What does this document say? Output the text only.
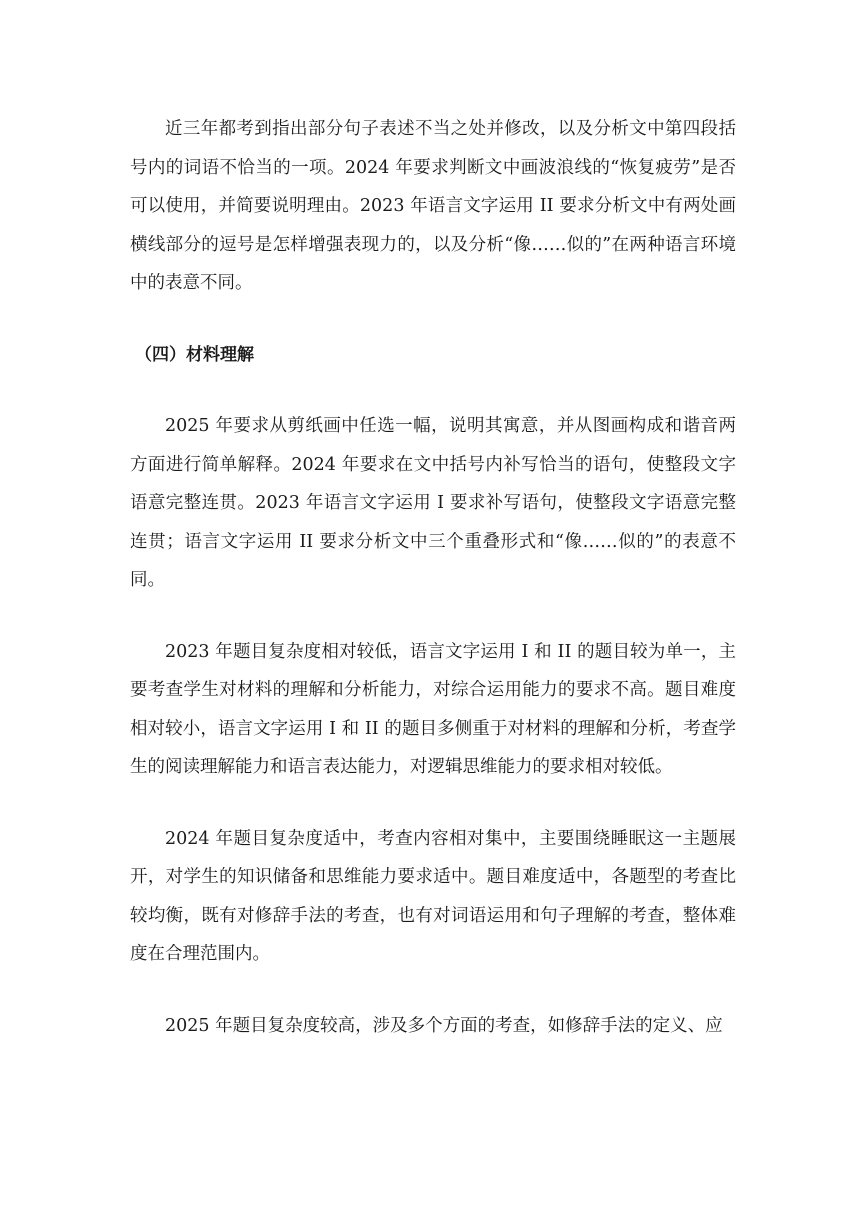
近三年都考到指出部分句子表述不当之处并修改，以及分析文中第四段括号内的词语不恰当的一项。2024 年要求判断文中画波浪线的“恢复疲劳”是否可以使用，并简要说明理由。2023 年语言文字运用 II 要求分析文中有两处画横线部分的逗号是怎样增强表现力的，以及分析“像……似的”在两种语言环境中的表意不同。

（四）材料理解

2025 年要求从剪纸画中任选一幅，说明其寓意，并从图画构成和谐音两方面进行简单解释。2024 年要求在文中括号内补写恰当的语句，使整段文字语意完整连贯。2023 年语言文字运用 I 要求补写语句，使整段文字语意完整连贯；语言文字运用 II 要求分析文中三个重叠形式和“像……似的”的表意不同。

2023 年题目复杂度相对较低，语言文字运用 I 和 II 的题目较为单一，主要考查学生对材料的理解和分析能力，对综合运用能力的要求不高。题目难度相对较小，语言文字运用 I 和 II 的题目多侧重于对材料的理解和分析，考查学生的阅读理解能力和语言表达能力，对逻辑思维能力的要求相对较低。

2024 年题目复杂度适中，考查内容相对集中，主要围绕睡眠这一主题展开，对学生的知识储备和思维能力要求适中。题目难度适中，各题型的考查比较均衡，既有对修辞手法的考查，也有对词语运用和句子理解的考查，整体难度在合理范围内。

2025 年题目复杂度较高，涉及多个方面的考查，如修辞手法的定义、应
